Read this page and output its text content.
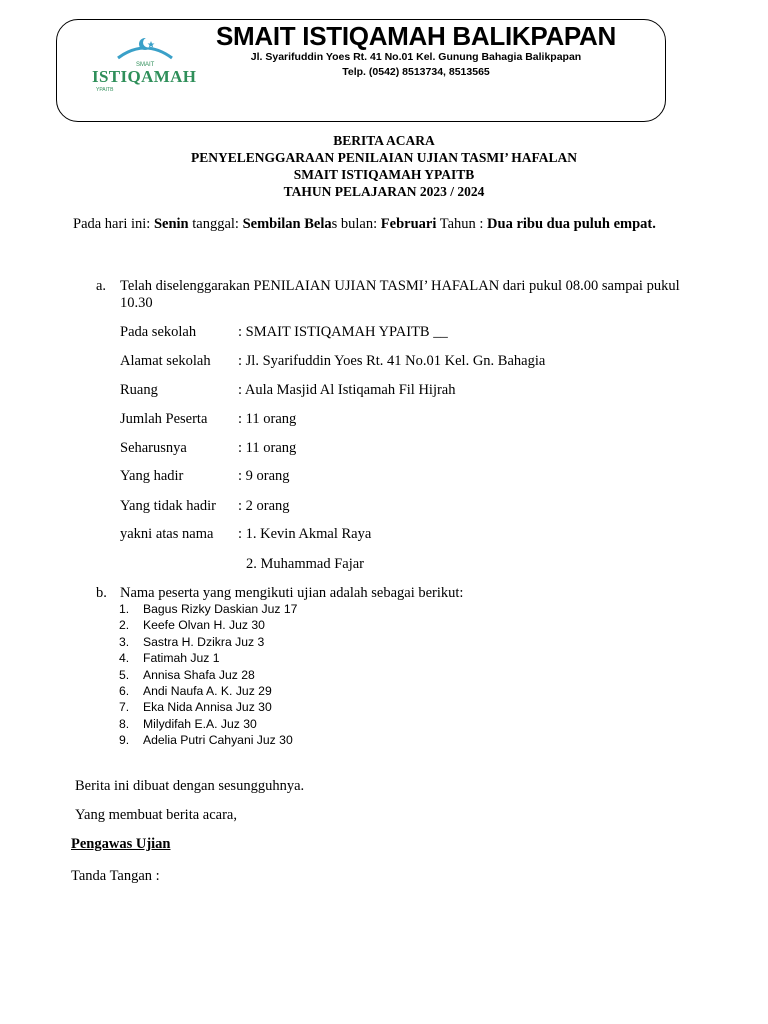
SMAIT
ISTIQAMAH
YPAITB
SMAIT ISTIQAMAH BALIKPAPAN
Jl. Syarifuddin Yoes Rt. 41 No.01 Kel. Gunung Bahagia Balikpapan
Telp. (0542) 8513734, 8513565
BERITA ACARA
PENYELENGGARAAN PENILAIAN UJIAN TASMI’ HAFALAN
SMAIT ISTIQAMAH YPAITB
TAHUN PELAJARAN 2023 / 2024
Pada hari ini: Senin tanggal: Sembilan Belas bulan: Februari Tahun : Dua ribu dua puluh empat.
a. Telah diselenggarakan PENILAIAN UJIAN TASMI’ HAFALAN dari pukul 08.00 sampai pukul 10.30
Pada sekolah	: SMAIT ISTIQAMAH YPAITB __
Alamat sekolah : Jl. Syarifuddin Yoes Rt. 41 No.01 Kel. Gn. Bahagia
Ruang	: Aula Masjid Al Istiqamah Fil Hijrah
Jumlah Peserta : 11 orang
Seharusnya	: 11 orang
Yang hadir	: 9 orang
Yang tidak hadir : 2 orang
yakni atas nama : 1. Kevin Akmal Raya
2. Muhammad Fajar
b. Nama peserta yang mengikuti ujian adalah sebagai berikut:
1. Bagus Rizky Daskian Juz 17
2. Keefe Olvan H. Juz 30
3. Sastra H. Dzikra Juz 3
4. Fatimah Juz 1
5. Annisa Shafa Juz 28
6. Andi Naufa A. K. Juz 29
7. Eka Nida Annisa Juz 30
8. Milydifah E.A. Juz 30
9. Adelia Putri Cahyani Juz 30
Berita ini dibuat dengan sesungguhnya.
Yang membuat berita acara,
Pengawas Ujian
Tanda Tangan :
